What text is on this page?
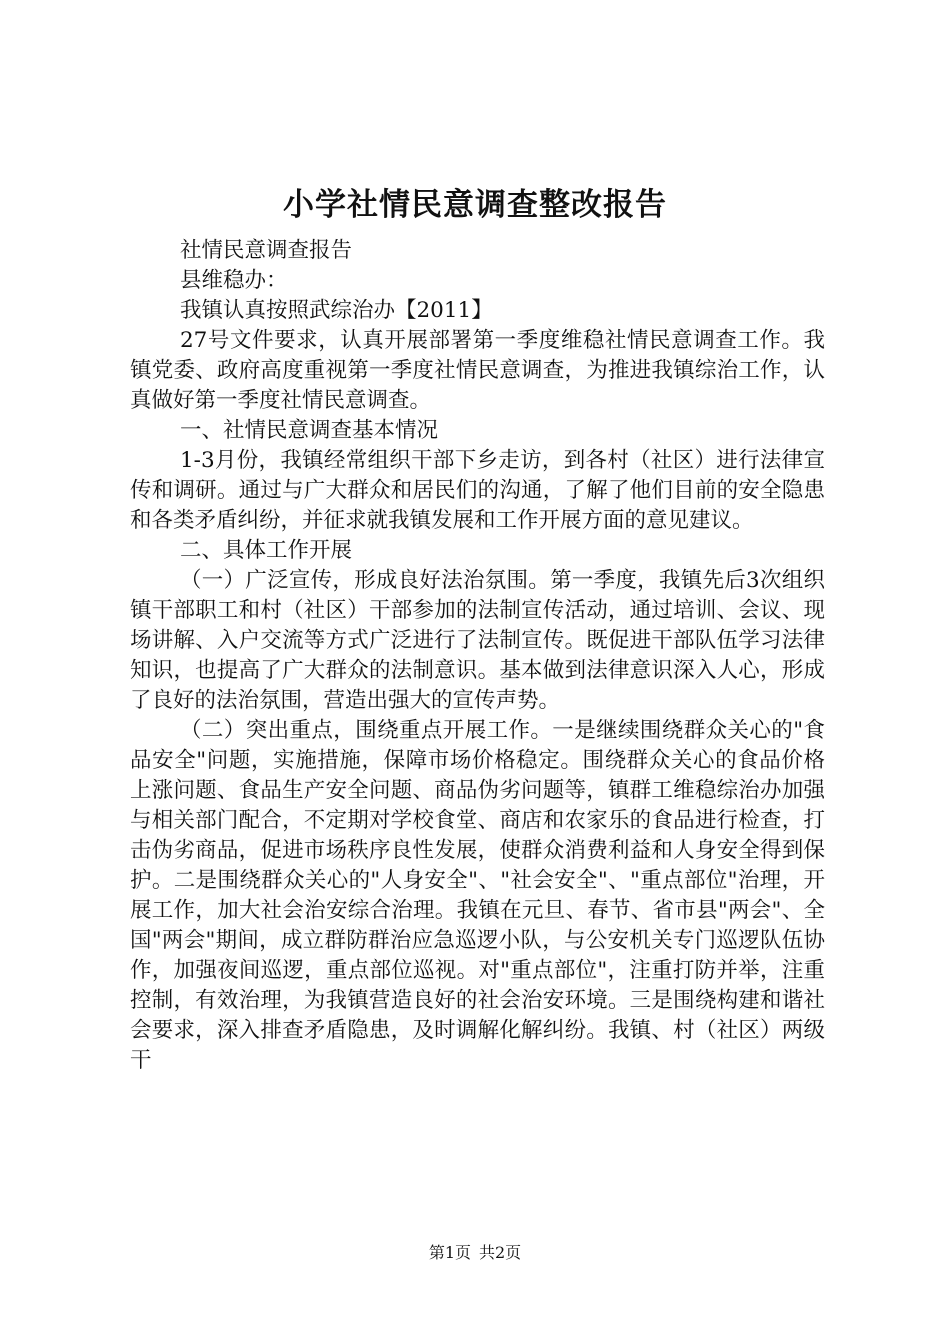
小学社情民意调查整改报告

社情民意调查报告

县维稳办：

我镇认真按照武综治办【2011】

27号文件要求，认真开展部署第一季度维稳社情民意调查工作。我镇党委、政府高度重视第一季度社情民意调查，为推进我镇综治工作，认真做好第一季度社情民意调查。

一、社情民意调查基本情况

1-3月份，我镇经常组织干部下乡走访，到各村（社区）进行法律宣传和调研。通过与广大群众和居民们的沟通，了解了他们目前的安全隐患和各类矛盾纠纷，并征求就我镇发展和工作开展方面的意见建议。

二、具体工作开展

（一）广泛宣传，形成良好法治氛围。第一季度，我镇先后3次组织镇干部职工和村（社区）干部参加的法制宣传活动，通过培训、会议、现场讲解、入户交流等方式广泛进行了法制宣传。既促进干部队伍学习法律知识，也提高了广大群众的法制意识。基本做到法律意识深入人心，形成了良好的法治氛围，营造出强大的宣传声势。

（二）突出重点，围绕重点开展工作。一是继续围绕群众关心的"食品安全"问题，实施措施，保障市场价格稳定。围绕群众关心的食品价格上涨问题、食品生产安全问题、商品伪劣问题等，镇群工维稳综治办加强与相关部门配合，不定期对学校食堂、商店和农家乐的食品进行检查，打击伪劣商品，促进市场秩序良性发展，使群众消费利益和人身安全得到保护。二是围绕群众关心的"人身安全"、"社会安全"、"重点部位"治理，开展工作，加大社会治安综合治理。我镇在元旦、春节、省市县"两会"、全国"两会"期间，成立群防群治应急巡逻小队，与公安机关专门巡逻队伍协作，加强夜间巡逻，重点部位巡视。对"重点部位"，注重打防并举，注重控制，有效治理，为我镇营造良好的社会治安环境。三是围绕构建和谐社会要求，深入排查矛盾隐患，及时调解化解纠纷。我镇、村（社区）两级干

第1页 共2页
